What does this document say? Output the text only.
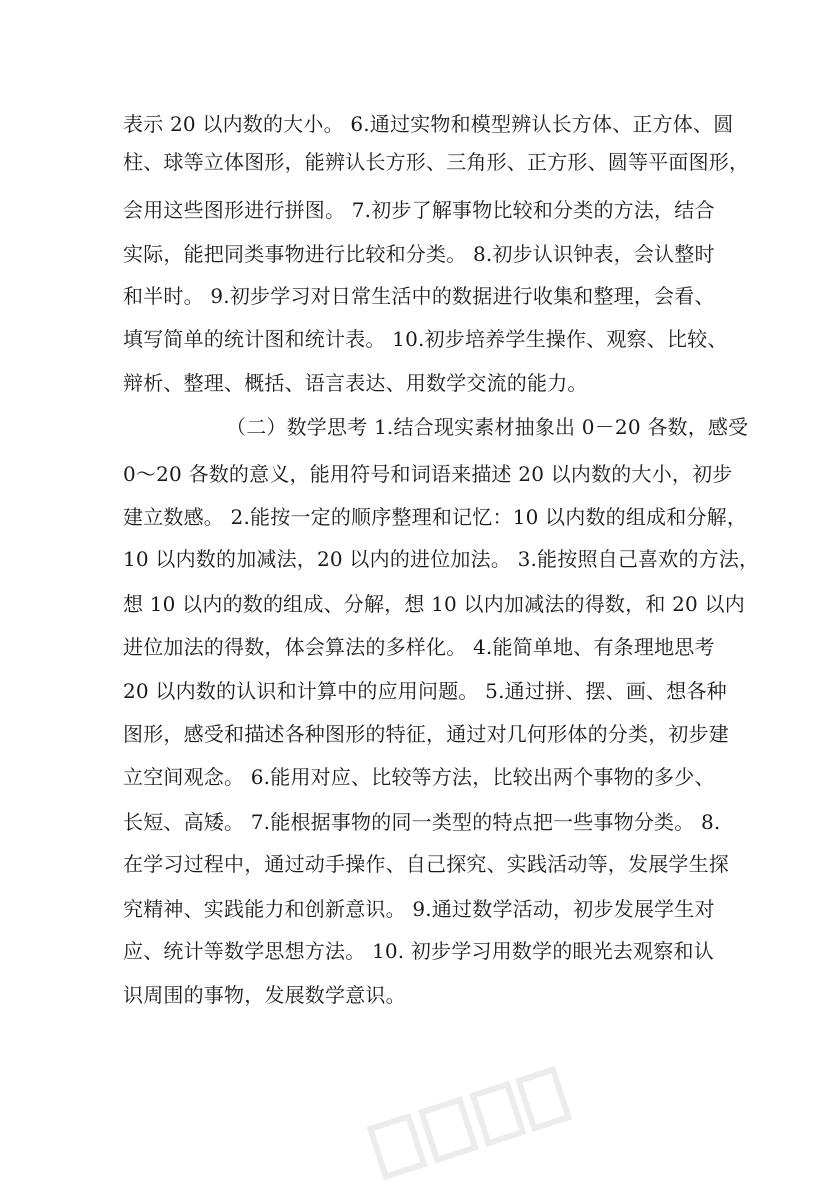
表示 20 以内数的大小。 6.通过实物和模型辨认长方体、正方体、圆
柱、球等立体图形，能辨认长方形、三角形、正方形、圆等平面图形，
会用这些图形进行拼图。 7.初步了解事物比较和分类的方法，结合
实际，能把同类事物进行比较和分类。 8.初步认识钟表，会认整时
和半时。 9.初步学习对日常生活中的数据进行收集和整理，会看、
填写简单的统计图和统计表。 10.初步培养学生操作、观察、比较、
辩析、整理、概括、语言表达、用数学交流的能力。
（二）数学思考 1.结合现实素材抽象出 0－20 各数，感受
0～20 各数的意义，能用符号和词语来描述 20 以内数的大小，初步
建立数感。 2.能按一定的顺序整理和记忆：10 以内数的组成和分解，
10 以内数的加减法，20 以内的进位加法。 3.能按照自己喜欢的方法，
想 10 以内的数的组成、分解，想 10 以内加减法的得数，和 20 以内
进位加法的得数，体会算法的多样化。 4.能简单地、有条理地思考
20 以内数的认识和计算中的应用问题。 5.通过拼、摆、画、想各种
图形，感受和描述各种图形的特征，通过对几何形体的分类，初步建
立空间观念。 6.能用对应、比较等方法，比较出两个事物的多少、
长短、高矮。 7.能根据事物的同一类型的特点把一些事物分类。 8.
在学习过程中，通过动手操作、自己探究、实践活动等，发展学生探
究精神、实践能力和创新意识。 9.通过数学活动，初步发展学生对
应、统计等数学思想方法。 10. 初步学习用数学的眼光去观察和认
识周围的事物，发展数学意识。
